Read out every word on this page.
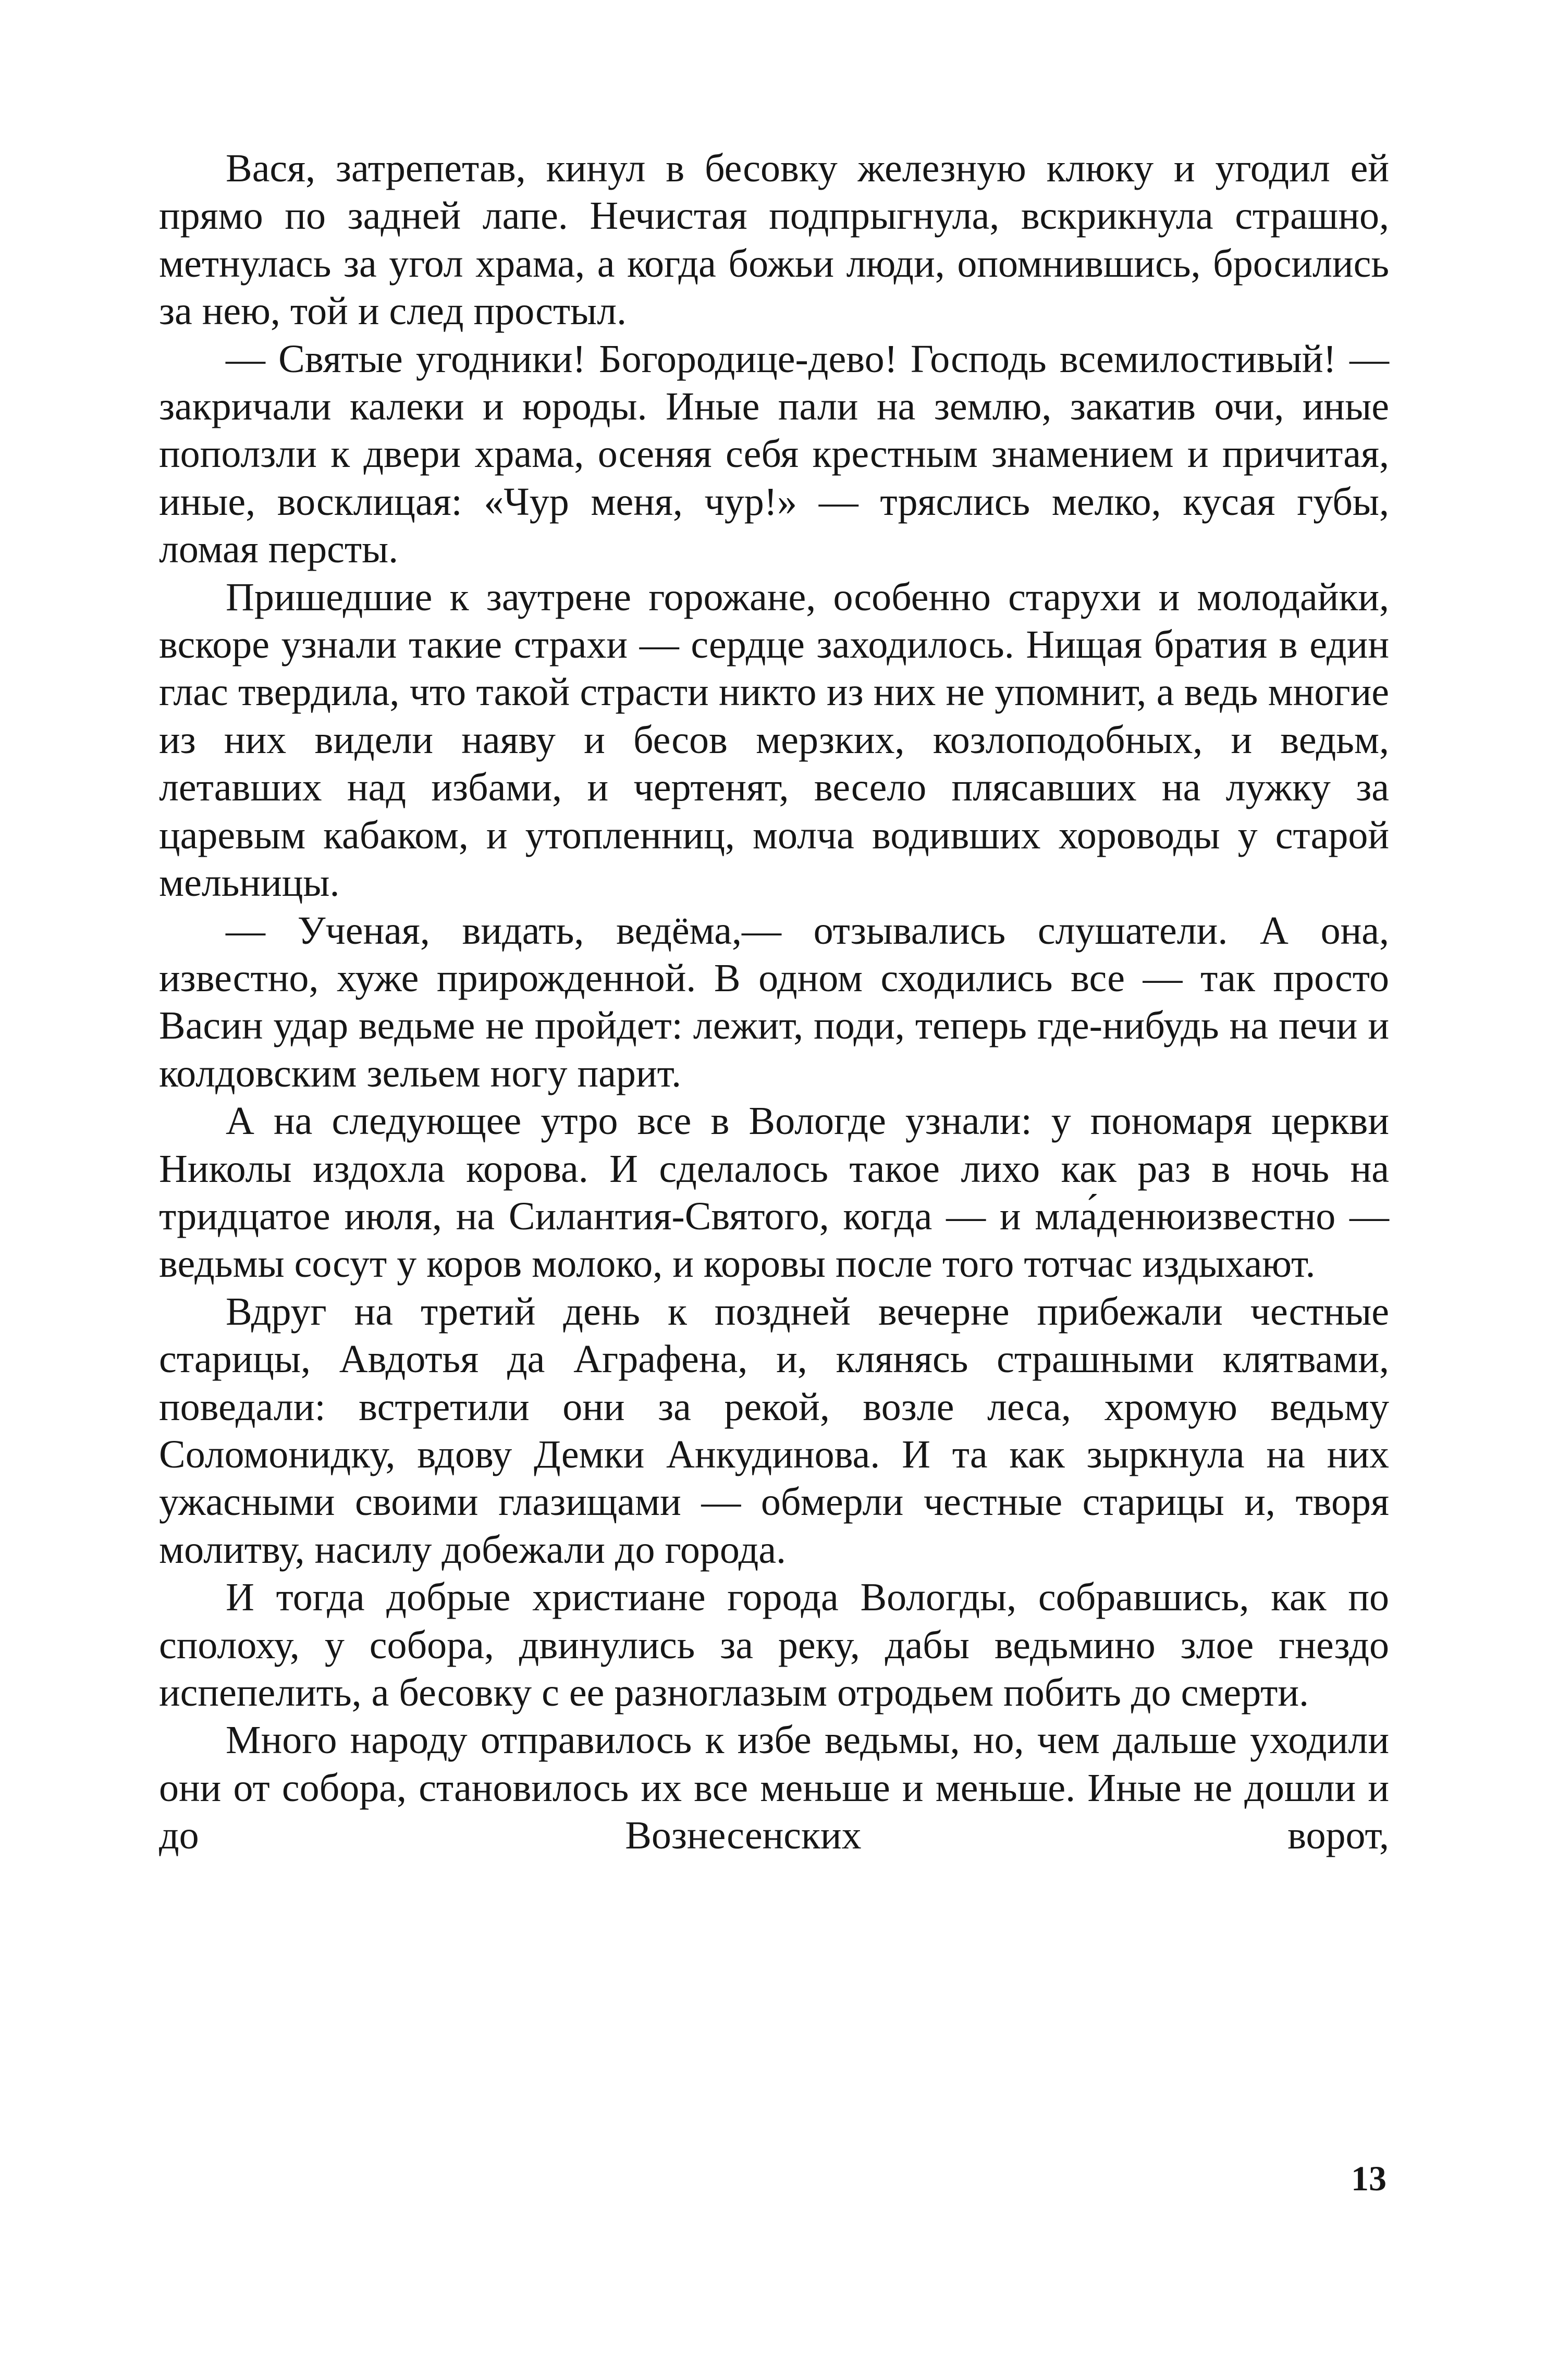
Вася, затрепетав, кинул в бесовку железную клюку и угодил ей прямо по задней лапе. Нечистая подпрыгнула, вскрикнула страшно, метнулась за угол храма, а когда божьи люди, опомнившись, бросились за нею, той и след простыл.

— Святые угодники! Богородице-дево! Господь всемилостивый! — закричали калеки и юроды. Иные пали на землю, закатив очи, иные поползли к двери храма, осеняя себя крестным знамением и причитая, иные, восклицая: «Чур меня, чур!» — тряслись мелко, кусая губы, ломая персты.

Пришедшие к заутрене горожане, особенно старухи и молодайки, вскоре узнали такие страхи — сердце заходилось. Нищая братия в един глас твердила, что такой страсти никто из них не упомнит, а ведь многие из них видели наяву и бесов мерзких, козлоподобных, и ведьм, летавших над избами, и чертенят, весело плясавших на лужку за царевым кабаком, и утопленниц, молча водивших хороводы у старой мельницы.

— Ученая, видать, ведёма,— отзывались слушатели. А она, известно, хуже прирожденной. В одном сходились все — так просто Васин удар ведьме не пройдет: лежит, поди, теперь где-нибудь на печи и колдовским зельем ногу парит.

А на следующее утро все в Вологде узнали: у пономаря церкви Николы издохла корова. И сделалось такое лихо как раз в ночь на тридцатое июля, на Силантия-Святого, когда — и мла́денюизвестно — ведьмы сосут у коров молоко, и коровы после того тотчас издыхают.

Вдруг на третий день к поздней вечерне прибежали честные старицы, Авдотья да Аграфена, и, клянясь страшными клятвами, поведали: встретили они за рекой, возле леса, хромую ведьму Соломонидку, вдову Демки Анкудинова. И та как зыркнула на них ужасными своими глазищами — обмерли честные старицы и, творя молитву, насилу добежали до города.

И тогда добрые христиане города Вологды, собравшись, как по сполоху, у собора, двинулись за реку, дабы ведьмино злое гнездо испепелить, а бесовку с ее разноглазым отродьем побить до смерти.

Много народу отправилось к избе ведьмы, но, чем дальше уходили они от собора, становилось их все меньше и меньше. Иные не дошли и до Вознесенских ворот,

13
